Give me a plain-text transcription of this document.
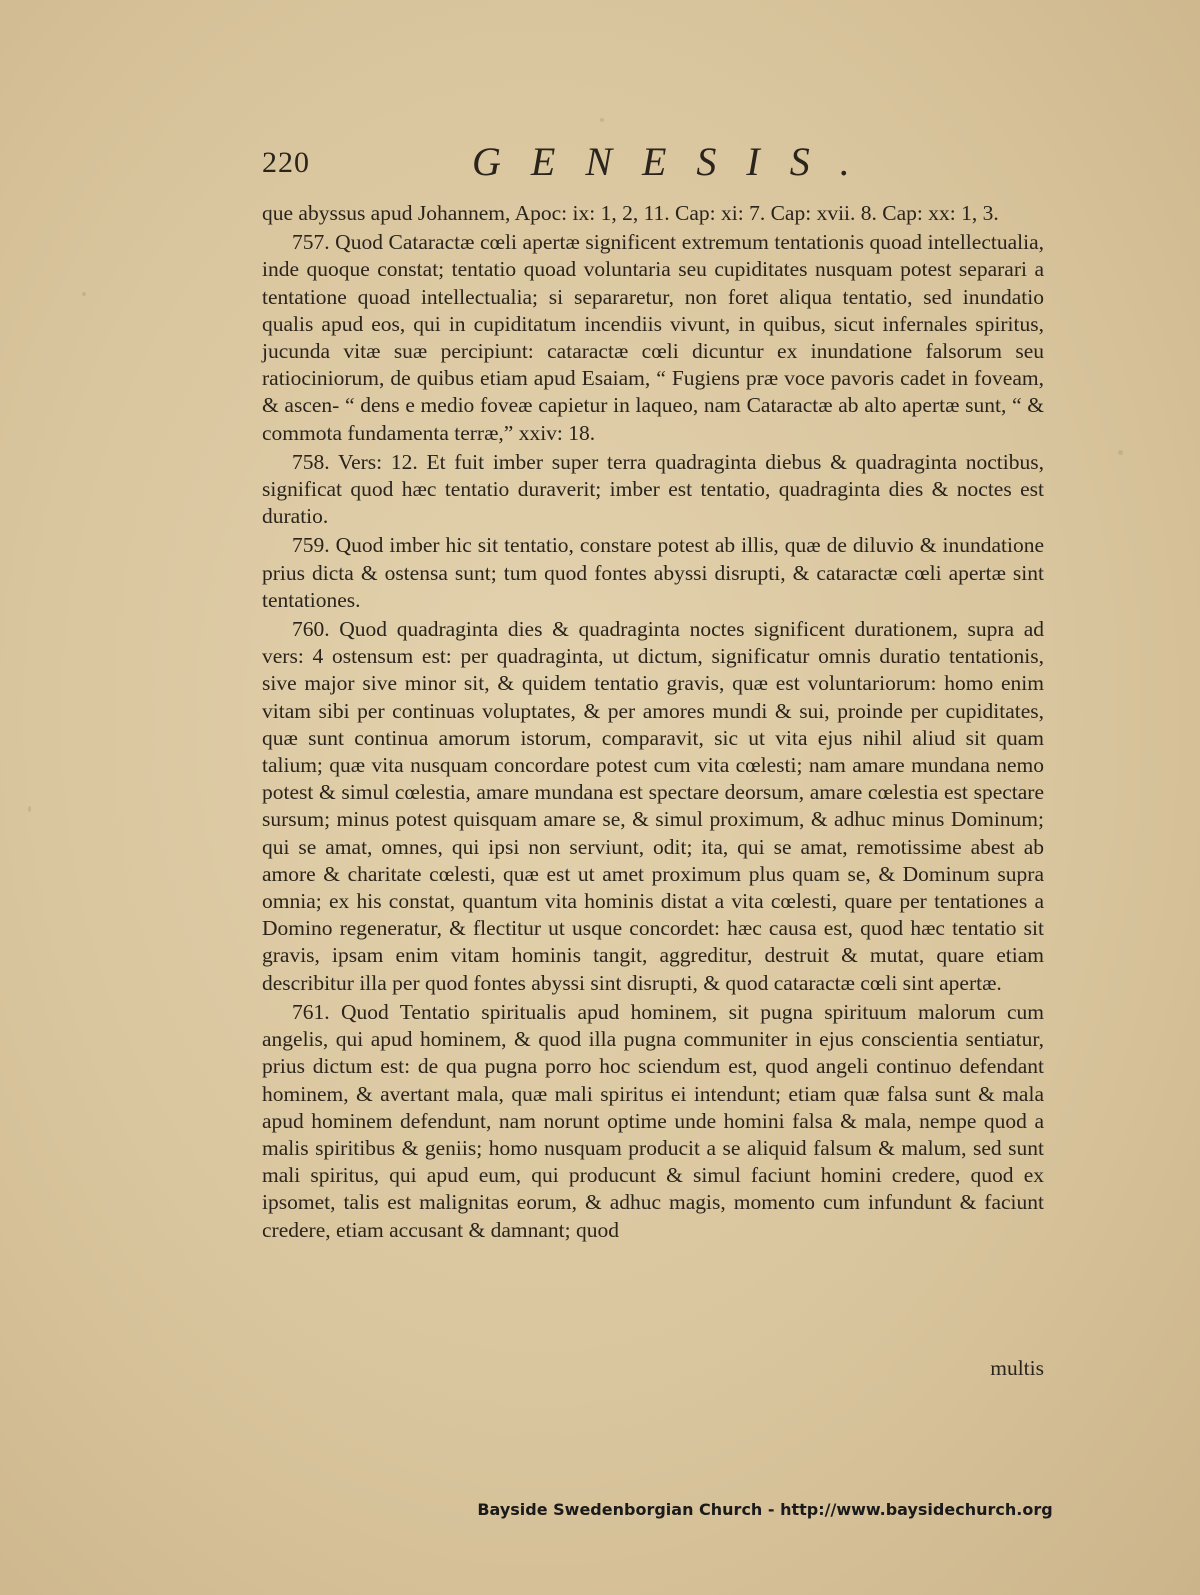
220	GENESIS.

que abyssus apud Johannem, Apoc: ix: 1, 2, 11. Cap: xi: 7. Cap: xvii. 8. Cap: xx: 1, 3.

757. Quod Cataractæ cœli apertæ significent extremum tentationis quoad intellectualia, inde quoque constat; tentatio quoad voluntaria seu cupiditates nusquam potest separari a tentatione quoad intellectualia; si separaretur, non foret aliqua tentatio, sed inundatio qualis apud eos, qui in cupiditatum incendiis vivunt, in quibus, sicut infernales spiritus, jucunda vitæ suæ percipiunt: cataractæ cœli dicuntur ex inundatione falsorum seu ratiociniorum, de quibus etiam apud Esaiam, “ Fugiens præ voce pavoris cadet in foveam, & ascen- “ dens e medio foveæ capietur in laqueo, nam Cataractæ ab alto apertæ sunt, “ & commota fundamenta terræ,” xxiv: 18.

758. Vers: 12. Et fuit imber super terra quadraginta diebus & quadraginta noctibus, significat quod hæc tentatio duraverit; imber est tentatio, quadraginta dies & noctes est duratio.

759. Quod imber hic sit tentatio, constare potest ab illis, quæ de diluvio & inundatione prius dicta & ostensa sunt; tum quod fontes abyssi disrupti, & cataractæ cœli apertæ sint tentationes.

760. Quod quadraginta dies & quadraginta noctes significent durationem, supra ad vers: 4 ostensum est: per quadraginta, ut dictum, significatur omnis duratio tentationis, sive major sive minor sit, & quidem tentatio gravis, quæ est voluntariorum: homo enim vitam sibi per continuas voluptates, & per amores mundi & sui, proinde per cupiditates, quæ sunt continua amorum istorum, comparavit, sic ut vita ejus nihil aliud sit quam talium; quæ vita nusquam concordare potest cum vita cœlesti; nam amare mundana nemo potest & simul cœlestia, amare mundana est spectare deorsum, amare cœlestia est spectare sursum; minus potest quisquam amare se, & simul proximum, & adhuc minus Dominum; qui se amat, omnes, qui ipsi non serviunt, odit; ita, qui se amat, remotissime abest ab amore & charitate cœlesti, quæ est ut amet proximum plus quam se, & Dominum supra omnia; ex his constat, quantum vita hominis distat a vita cœlesti, quare per tentationes a Domino regeneratur, & flectitur ut usque concordet: hæc causa est, quod hæc tentatio sit gravis, ipsam enim vitam hominis tangit, aggreditur, destruit & mutat, quare etiam describitur illa per quod fontes abyssi sint disrupti, & quod cataractæ cœli sint apertæ.

761. Quod Tentatio spiritualis apud hominem, sit pugna spirituum malorum cum angelis, qui apud hominem, & quod illa pugna communiter in ejus conscientia sentiatur, prius dictum est: de qua pugna porro hoc sciendum est, quod angeli continuo defendant hominem, & avertant mala, quæ mali spiritus ei intendunt; etiam quæ falsa sunt & mala apud hominem defendunt, nam norunt optime unde homini falsa & mala, nempe quod a malis spiritibus & geniis; homo nusquam producit a se aliquid falsum & malum, sed sunt mali spiritus, qui apud eum, qui producunt & simul faciunt homini credere, quod ex ipsomet, talis est malignitas eorum, & adhuc magis, momento cum infundunt & faciunt credere, etiam accusant & damnant; quod

multis
Bayside Swedenborgian Church - http://www.baysidechurch.org
